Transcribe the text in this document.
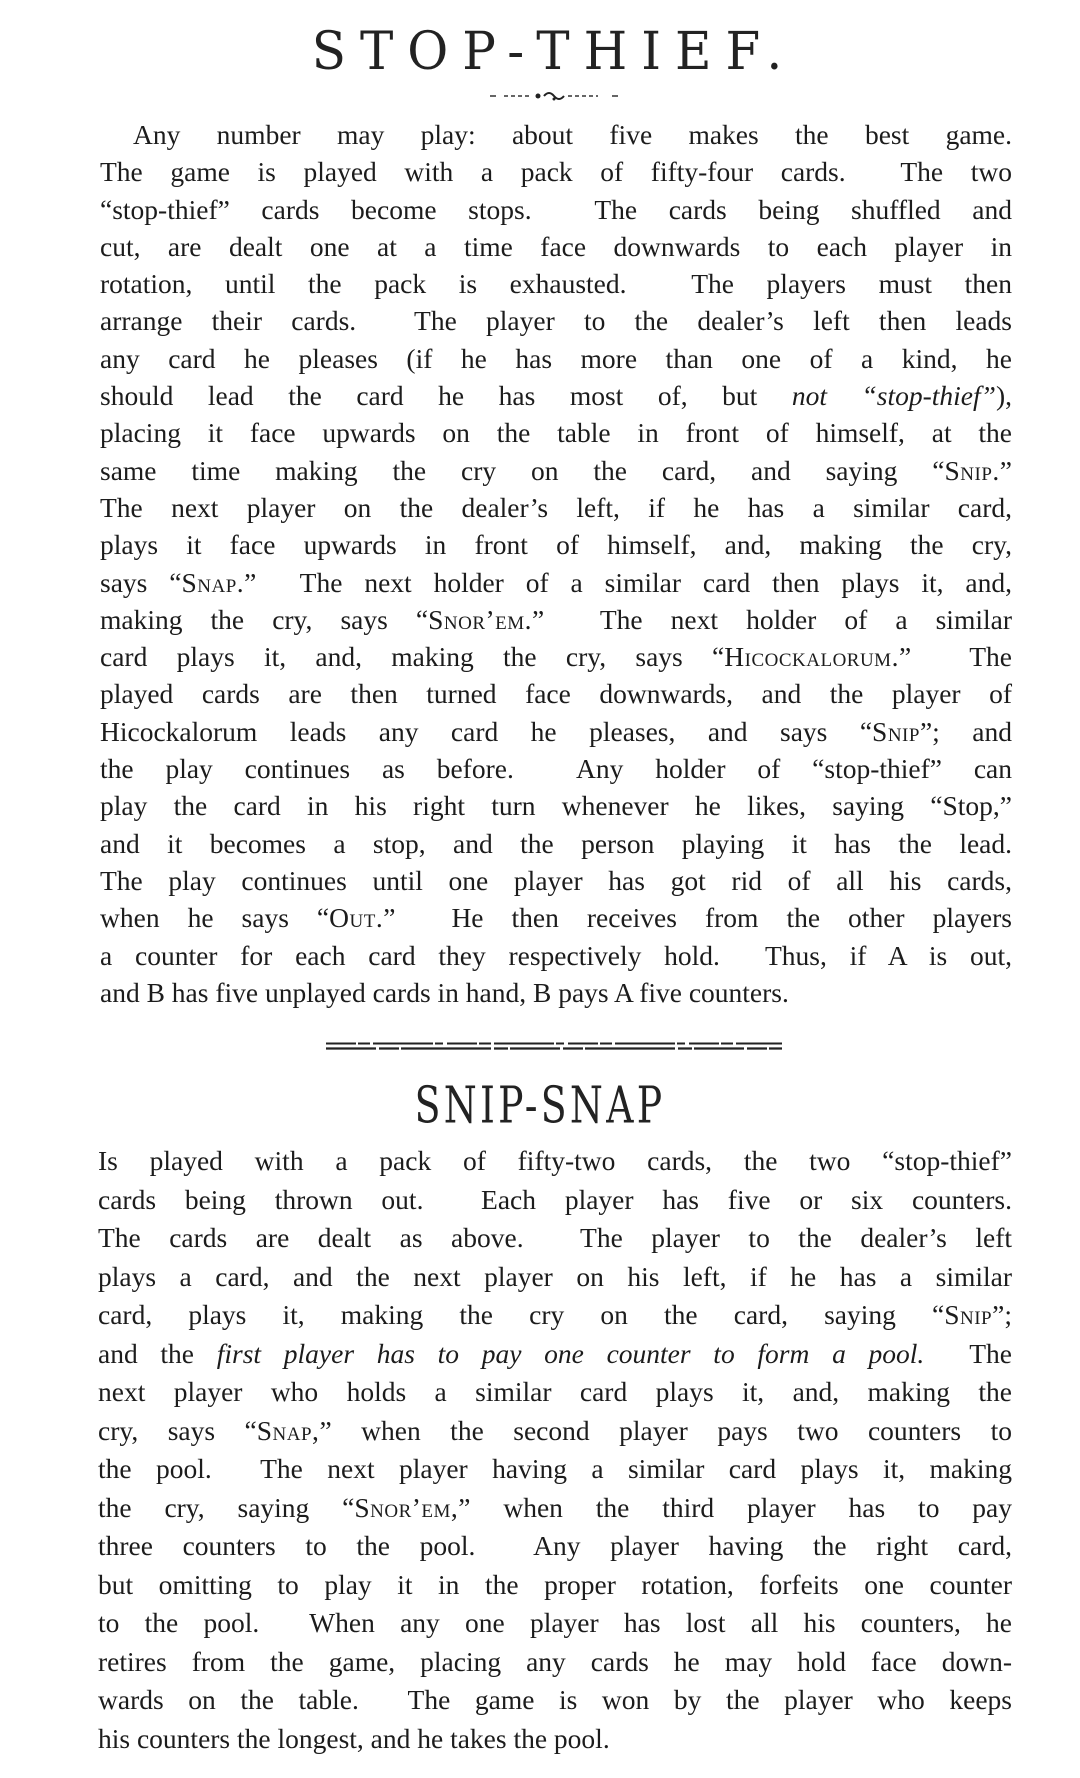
STOP-THIEF.
Any number may play: about five makes the best game.
The game is played with a pack of fifty-four cards.  The two
“stop-thief” cards become stops.  The cards being shuffled and
cut, are dealt one at a time face downwards to each player in
rotation, until the pack is exhausted.  The players must then
arrange their cards.  The player to the dealer’s left then leads
any card he pleases (if he has more than one of a kind, he
should lead the card he has most of, but not “stop-thief”),
placing it face upwards on the table in front of himself, at the
same time making the cry on the card, and saying “Snip.”
The next player on the dealer’s left, if he has a similar card,
plays it face upwards in front of himself, and, making the cry,
says “Snap.”  The next holder of a similar card then plays it, and,
making the cry, says “Snor’em.”  The next holder of a similar
card plays it, and, making the cry, says “Hicockalorum.”  The
played cards are then turned face downwards, and the player of
Hicockalorum leads any card he pleases, and says “Snip”; and
the play continues as before.  Any holder of “stop-thief” can
play the card in his right turn whenever he likes, saying “Stop,”
and it becomes a stop, and the person playing it has the lead.
The play continues until one player has got rid of all his cards,
when he says “Out.”  He then receives from the other players
a counter for each card they respectively hold.  Thus, if A is out,
and B has five unplayed cards in hand, B pays A five counters.
SNIP-SNAP
Is played with a pack of fifty-two cards, the two “stop-thief”
cards being thrown out.  Each player has five or six counters.
The cards are dealt as above.  The player to the dealer’s left
plays a card, and the next player on his left, if he has a similar
card, plays it, making the cry on the card, saying “Snip”;
and the first player has to pay one counter to form a pool.  The
next player who holds a similar card plays it, and, making the
cry, says “Snap,” when the second player pays two counters to
the pool.  The next player having a similar card plays it, making
the cry, saying “Snor’em,” when the third player has to pay
three counters to the pool.  Any player having the right card,
but omitting to play it in the proper rotation, forfeits one counter
to the pool.  When any one player has lost all his counters, he
retires from the game, placing any cards he may hold face down-
wards on the table.  The game is won by the player who keeps
his counters the longest, and he takes the pool.
